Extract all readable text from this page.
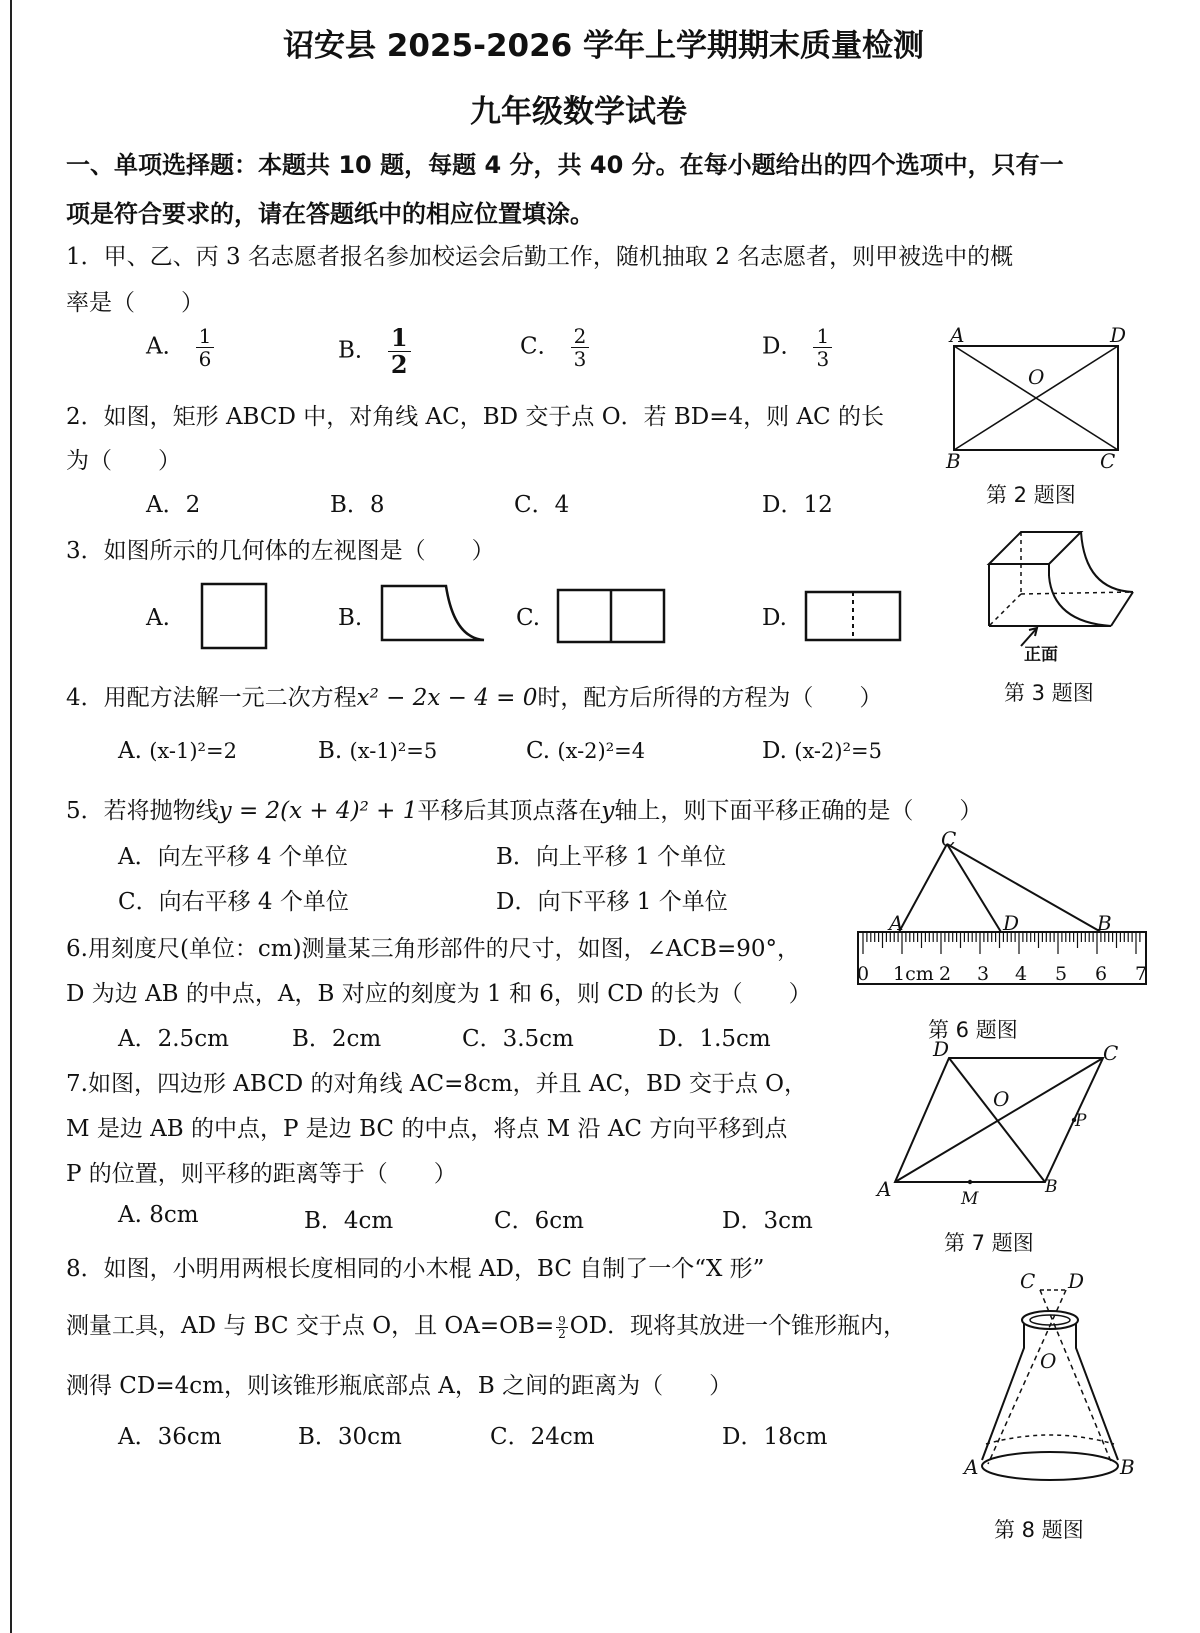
诏安县 2025-2026 学年上学期期末质量检测
九年级数学试卷
一、单项选择题：本题共 10 题，每题 4 分，共 40 分。在每小题给出的四个选项中，只有一
项是符合要求的，请在答题纸中的相应位置填涂。
1．甲、乙、丙 3 名志愿者报名参加校运会后勤工作，随机抽取 2 名志愿者，则甲被选中的概
率是（　　）
A． $\frac{1}{6}$	B． $\frac{1}{2}$	C． $\frac{2}{3}$	D． $\frac{1}{3}$
2．如图，矩形 ABCD 中，对角线 AC，BD 交于点 O．若 BD=4，则 AC 的长
为（　　）
A．2	B．8	C．4	D．12
A	D
O
B	C
第 2 题图
3．如图所示的几何体的左视图是（　　）
A.	B.	C.	D.
正面
第 3 题图
4．用配方法解一元二次方程x² − 2x − 4 = 0时，配方后所得的方程为（　　）
A. (x-1)²=2	B. (x-1)²=5	C. (x-2)²=4	D. (x-2)²=5
5．若将抛物线y = 2(x + 4)² + 1平移后其顶点落在y轴上，则下面平移正确的是（　　）
A．向左平移 4 个单位	B．向上平移 1 个单位
C．向右平移 4 个单位	D．向下平移 1 个单位
6.用刻度尺(单位：cm)测量某三角形部件的尺寸，如图，∠ACB=90°，
D 为边 AB 的中点，A，B 对应的刻度为 1 和 6，则 CD 的长为（　　）
A．2.5cm	B．2cm	C．3.5cm	D．1.5cm
C
A	D	B
0 1cm 2 3 4 5 6 7
第 6 题图
7.如图，四边形 ABCD 的对角线 AC=8cm，并且 AC，BD 交于点 O，
M 是边 AB 的中点，P 是边 BC 的中点，将点 M 沿 AC 方向平移到点
P 的位置，则平移的距离等于（　　）
A. 8cm	B．4cm	C．6cm	D．3cm
D	C
O
P
A	M
B
第 7 题图
8．如图，小明用两根长度相同的小木棍 AD，BC 自制了一个“X 形”
测量工具，AD 与 BC 交于点 O，且 $OA=OB= \frac{9}{2}$ OD．现将其放进一个锥形瓶内，
测得 CD=4cm，则该锥形瓶底部点 A，B 之间的距离为（　　）
A．36cm	B．30cm	C．24cm	D．18cm
C D
O
A	B
第 8 题图
